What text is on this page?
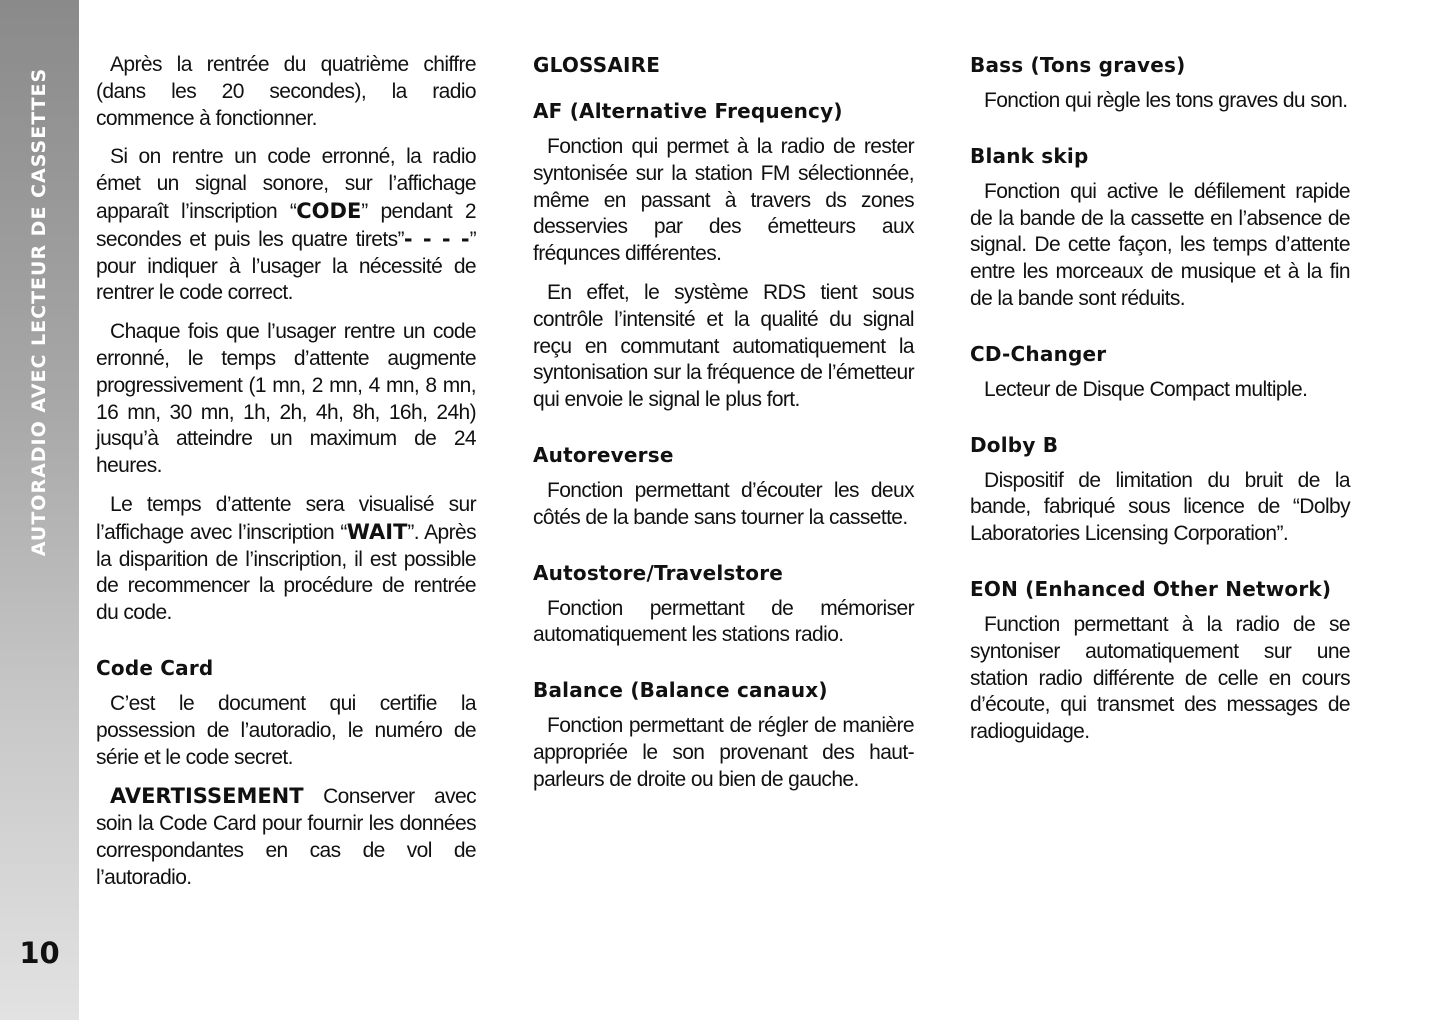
AUTORADIO AVEC LECTEUR DE CASSETTES
10

Après la rentrée du quatrième chiffre (dans les 20 secondes), la radio commence à fonctionner.

Si on rentre un code erronné, la radio émet un signal sonore, sur l’affichage apparaît l’inscription “CODE” pendant 2 secondes et puis les quatre tirets”- - - -” pour indiquer à l’usager la nécessité de rentrer le code correct.

Chaque fois que l’usager rentre un code erronné, le temps d’attente augmente progressivement (1 mn, 2 mn, 4 mn, 8 mn, 16 mn, 30 mn, 1h, 2h, 4h, 8h, 16h, 24h) jusqu’à atteindre un maximum de 24 heures.

Le temps d’attente sera visualisé sur l’affichage avec l’inscription “WAIT”. Après la disparition de l’inscription, il est possible de recommencer la procédure de rentrée du code.

Code Card

C’est le document qui certifie la possession de l’autoradio, le numéro de série et le code secret.

AVERTISSEMENT Conserver avec soin la Code Card pour fournir les données correspondantes en cas de vol de l’autoradio.

GLOSSAIRE
AF (Alternative Frequency)

Fonction qui permet à la radio de rester syntonisée sur la station FM sélectionnée, même en passant à travers ds zones desservies par des émetteurs aux fréqunces différentes.

En effet, le système RDS tient sous contrôle l’intensité et la qualité du signal reçu en commutant automatiquement la syntonisation sur la fréquence de l’émetteur qui envoie le signal le plus fort.

Autoreverse

Fonction permettant d’écouter les deux côtés de la bande sans tourner la cassette.

Autostore/Travelstore

Fonction permettant de mémoriser automatiquement les stations radio.

Balance (Balance canaux)

Fonction permettant de régler de manière appropriée le son provenant des haut-parleurs de droite ou bien de gauche.

Bass (Tons graves)

Fonction qui règle les tons graves du son.

Blank skip

Fonction qui active le défilement rapide de la bande de la cassette en l’absence de signal. De cette façon, les temps d’attente entre les morceaux de musique et à la fin de la bande sont réduits.

CD-Changer

Lecteur de Disque Compact multiple.

Dolby B

Dispositif de limitation du bruit de la bande, fabriqué sous licence de “Dolby Laboratories Licensing Corporation”.

EON (Enhanced Other Network)

Function permettant à la radio de se syntoniser automatiquement sur une station radio différente de celle en cours d’écoute, qui transmet des messages de radioguidage.
